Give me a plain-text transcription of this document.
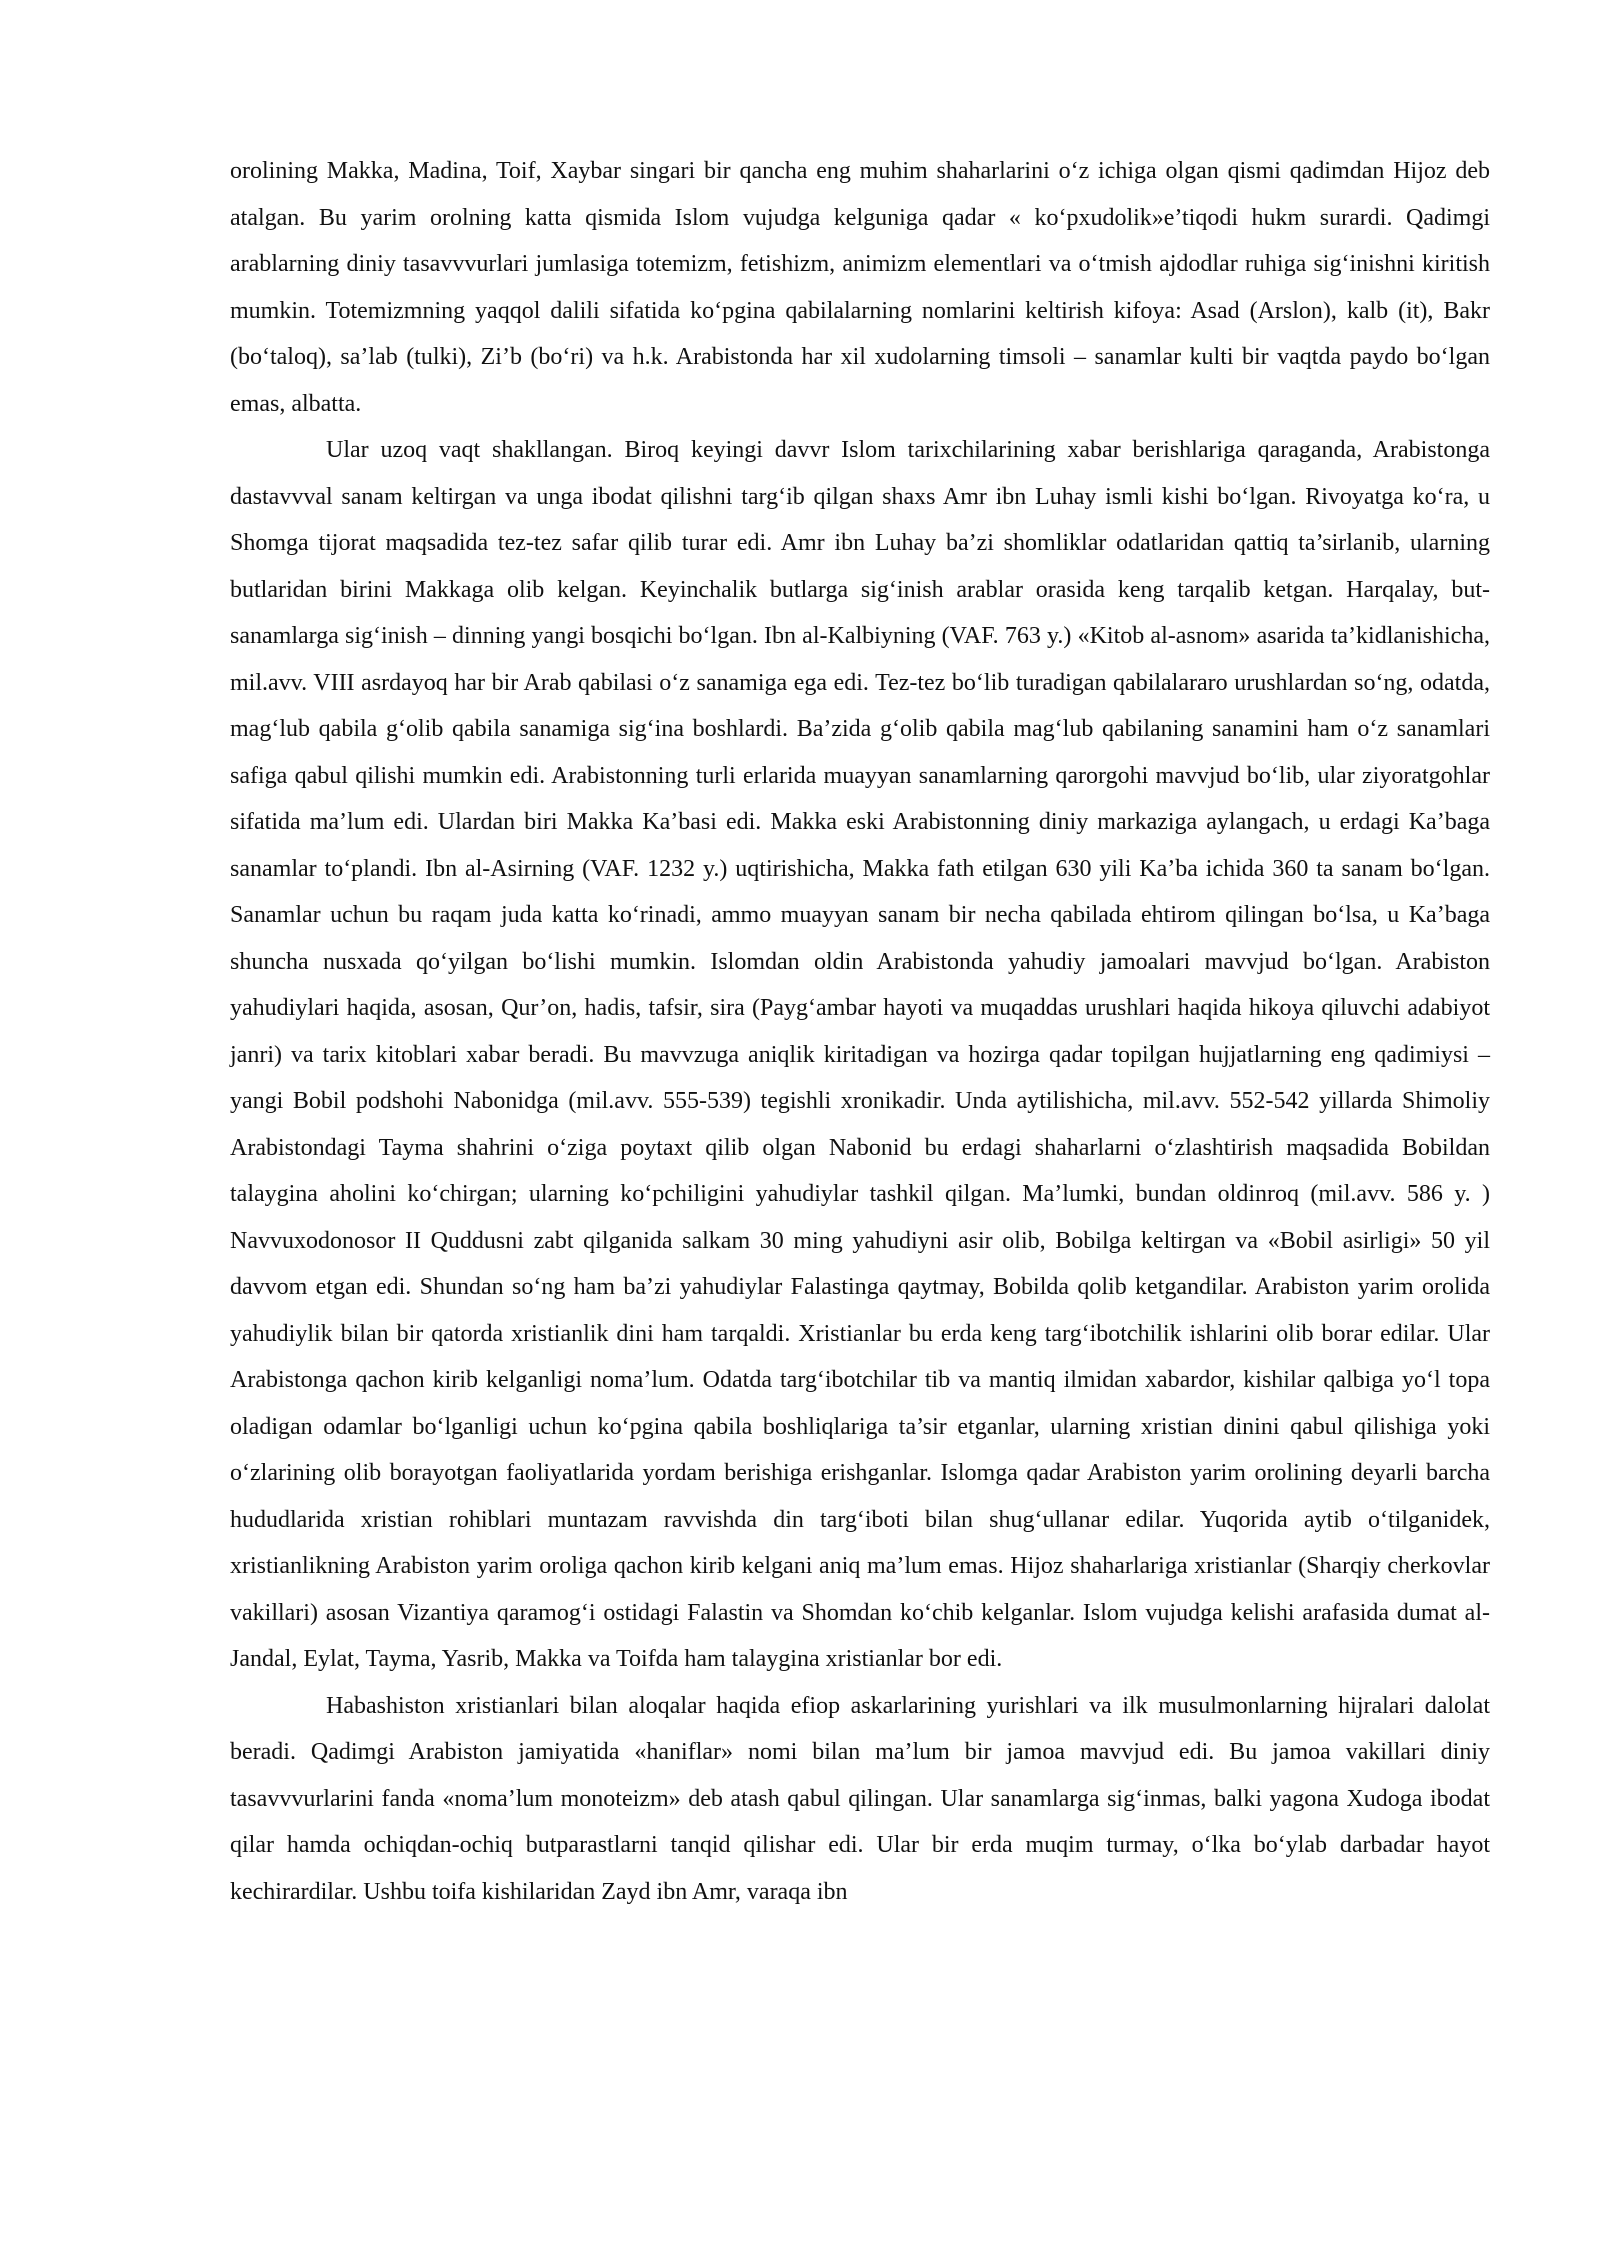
orolining Makka, Madina, Toif, Xaybar singari bir qancha eng muhim shaharlarini o‘z ichiga olgan qismi qadimdan Hijoz deb atalgan. Bu yarim orolning katta qismida Islom vujudga kelguniga qadar « ko‘pxudolik»e’tiqodi hukm surardi. Qadimgi arablarning diniy tasavvvurlari jumlasiga totemizm, fetishizm, animizm elementlari va o‘tmish ajdodlar ruhiga sig‘inishni kiritish mumkin. Totemizmning yaqqol dalili sifatida ko‘pgina qabilalarning nomlarini keltirish kifoya: Asad (Arslon), kalb (it), Bakr (bo‘taloq), sa’lab (tulki), Zi’b (bo‘ri) va h.k. Arabistonda har xil xudolarning timsoli – sanamlar kulti bir vaqtda paydo bo‘lgan emas, albatta.

Ular uzoq vaqt shakllangan. Biroq keyingi davvr Islom tarixchilarining xabar berishlariga qaraganda, Arabistonga dastavvval sanam keltirgan va unga ibodat qilishni targ‘ib qilgan shaxs Amr ibn Luhay ismli kishi bo‘lgan. Rivoyatga ko‘ra, u Shomga tijorat maqsadida tez-tez safar qilib turar edi. Amr ibn Luhay ba’zi shomliklar odatlaridan qattiq ta’sirlanib, ularning butlaridan birini Makkaga olib kelgan. Keyinchalik butlarga sig‘inish arablar orasida keng tarqalib ketgan. Harqalay, but-sanamlarga sig‘inish – dinning yangi bosqichi bo‘lgan. Ibn al-Kalbiyning (VAF. 763 y.) «Kitob al-asnom» asarida ta’kidlanishicha, mil.avv. VIII asrdayoq har bir Arab qabilasi o‘z sanamiga ega edi. Tez-tez bo‘lib turadigan qabilalararo urushlardan so‘ng, odatda, mag‘lub qabila g‘olib qabila sanamiga sig‘ina boshlardi. Ba’zida g‘olib qabila mag‘lub qabilaning sanamini ham o‘z sanamlari safiga qabul qilishi mumkin edi. Arabistonning turli erlarida muayyan sanamlarning qarorgohi mavvjud bo‘lib, ular ziyoratgohlar sifatida ma’lum edi. Ulardan biri Makka Ka’basi edi. Makka eski Arabistonning diniy markaziga aylangach, u erdagi Ka’baga sanamlar to‘plandi. Ibn al-Asirning (VAF. 1232 y.) uqtirishicha, Makka fath etilgan 630 yili Ka’ba ichida 360 ta sanam bo‘lgan. Sanamlar uchun bu raqam juda katta ko‘rinadi, ammo muayyan sanam bir necha qabilada ehtirom qilingan bo‘lsa, u Ka’baga shuncha nusxada qo‘yilgan bo‘lishi mumkin. Islomdan oldin Arabistonda yahudiy jamoalari mavvjud bo‘lgan. Arabiston yahudiylari haqida, asosan, Qur’on, hadis, tafsir, sira (Payg‘ambar hayoti va muqaddas urushlari haqida hikoya qiluvchi adabiyot janri) va tarix kitoblari xabar beradi. Bu mavvzuga aniqlik kiritadigan va hozirga qadar topilgan hujjatlarning eng qadimiysi – yangi Bobil podshohi Nabonidga (mil.avv. 555-539) tegishli xronikadir. Unda aytilishicha, mil.avv. 552-542 yillarda Shimoliy Arabistondagi Tayma shahrini o‘ziga poytaxt qilib olgan Nabonid bu erdagi shaharlarni o‘zlashtirish maqsadida Bobildan talaygina aholini ko‘chirgan; ularning ko‘pchiligini yahudiylar tashkil qilgan. Ma’lumki, bundan oldinroq (mil.avv. 586 y. ) Navvuxodonosor II Quddusni zabt qilganida salkam 30 ming yahudiyni asir olib, Bobilga keltirgan va «Bobil asirligi» 50 yil davvom etgan edi. Shundan so‘ng ham ba’zi yahudiylar Falastinga qaytmay, Bobilda qolib ketgandilar. Arabiston yarim orolida yahudiylik bilan bir qatorda xristianlik dini ham tarqaldi. Xristianlar bu erda keng targ‘ibotchilik ishlarini olib borar edilar. Ular Arabistonga qachon kirib kelganligi noma’lum. Odatda targ‘ibotchilar tib va mantiq ilmidan xabardor, kishilar qalbiga yo‘l topa oladigan odamlar bo‘lganligi uchun ko‘pgina qabila boshliqlariga ta’sir etganlar, ularning xristian dinini qabul qilishiga yoki o‘zlarining olib borayotgan faoliyatlarida yordam berishiga erishganlar. Islomga qadar Arabiston yarim orolining deyarli barcha hududlarida xristian rohiblari muntazam ravvishda din targ‘iboti bilan shug‘ullanar edilar. Yuqorida aytib o‘tilganidek, xristianlikning Arabiston yarim oroliga qachon kirib kelgani aniq ma’lum emas. Hijoz shaharlariga xristianlar (Sharqiy cherkovlar vakillari) asosan Vizantiya qaramog‘i ostidagi Falastin va Shomdan ko‘chib kelganlar. Islom vujudga kelishi arafasida dumat al-Jandal, Eylat, Tayma, Yasrib, Makka va Toifda ham talaygina xristianlar bor edi.

Habashiston xristianlari bilan aloqalar haqida efiop askarlarining yurishlari va ilk musulmonlarning hijralari dalolat beradi. Qadimgi Arabiston jamiyatida «haniflar» nomi bilan ma’lum bir jamoa mavvjud edi. Bu jamoa vakillari diniy tasavvvurlarini fanda «noma’lum monoteizm» deb atash qabul qilingan. Ular sanamlarga sig‘inmas, balki yagona Xudoga ibodat qilar hamda ochiqdan-ochiq butparastlarni tanqid qilishar edi. Ular bir erda muqim turmay, o‘lka bo‘ylab darbadar hayot kechirardilar. Ushbu toifa kishilaridan Zayd ibn Amr, varaqa ibn
